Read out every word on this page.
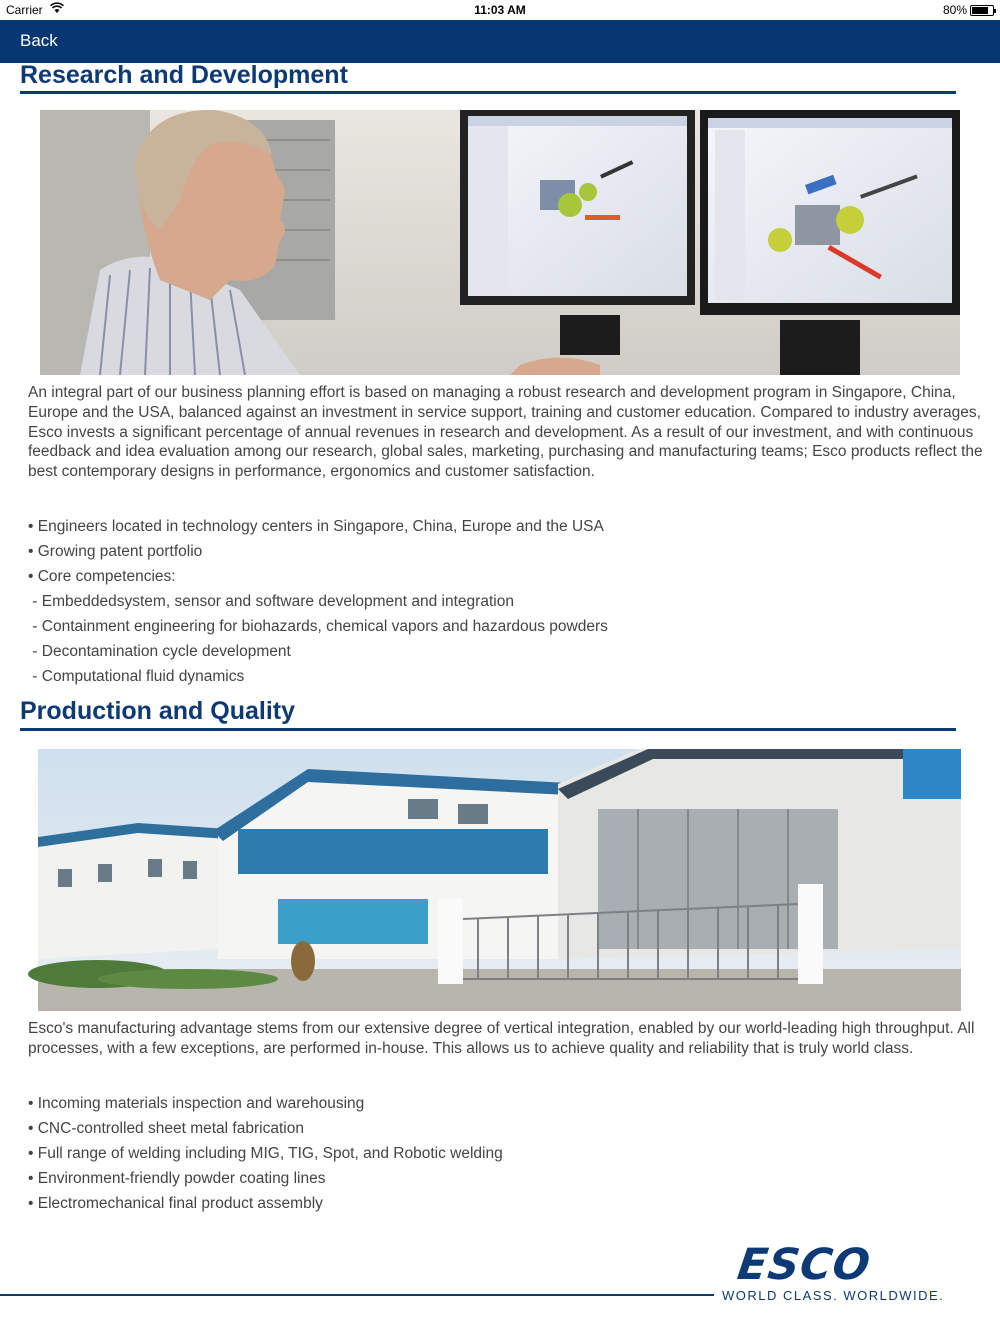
Carrier	11:03 AM	80%
Back
Research and Development

An integral part of our business planning effort is based on managing a robust research and development program in Singapore, China, Europe and the USA, balanced against an investment in service support, training and customer education. Compared to industry averages, Esco invests a significant percentage of annual revenues in research and development. As a result of our investment, and with continuous feedback and idea evaluation among our research, global sales, marketing, purchasing and manufacturing teams; Esco products reflect the best contemporary designs in performance, ergonomics and customer satisfaction.

• Engineers located in technology centers in Singapore, China, Europe and the USA
• Growing patent portfolio
• Core competencies:
- Embeddedsystem, sensor and software development and integration
- Containment engineering for biohazards, chemical vapors and hazardous powders
- Decontamination cycle development
- Computational fluid dynamics
Production and Quality

Esco's manufacturing advantage stems from our extensive degree of vertical integration, enabled by our world-leading high throughput. All processes, with a few exceptions, are performed in-house. This allows us to achieve quality and reliability that is truly world class.

• Incoming materials inspection and warehousing
• CNC-controlled sheet metal fabrication
• Full range of welding including MIG, TIG, Spot, and Robotic welding
• Environment-friendly powder coating lines
• Electromechanical final product assembly
ESCO
WORLD CLASS. WORLDWIDE.
